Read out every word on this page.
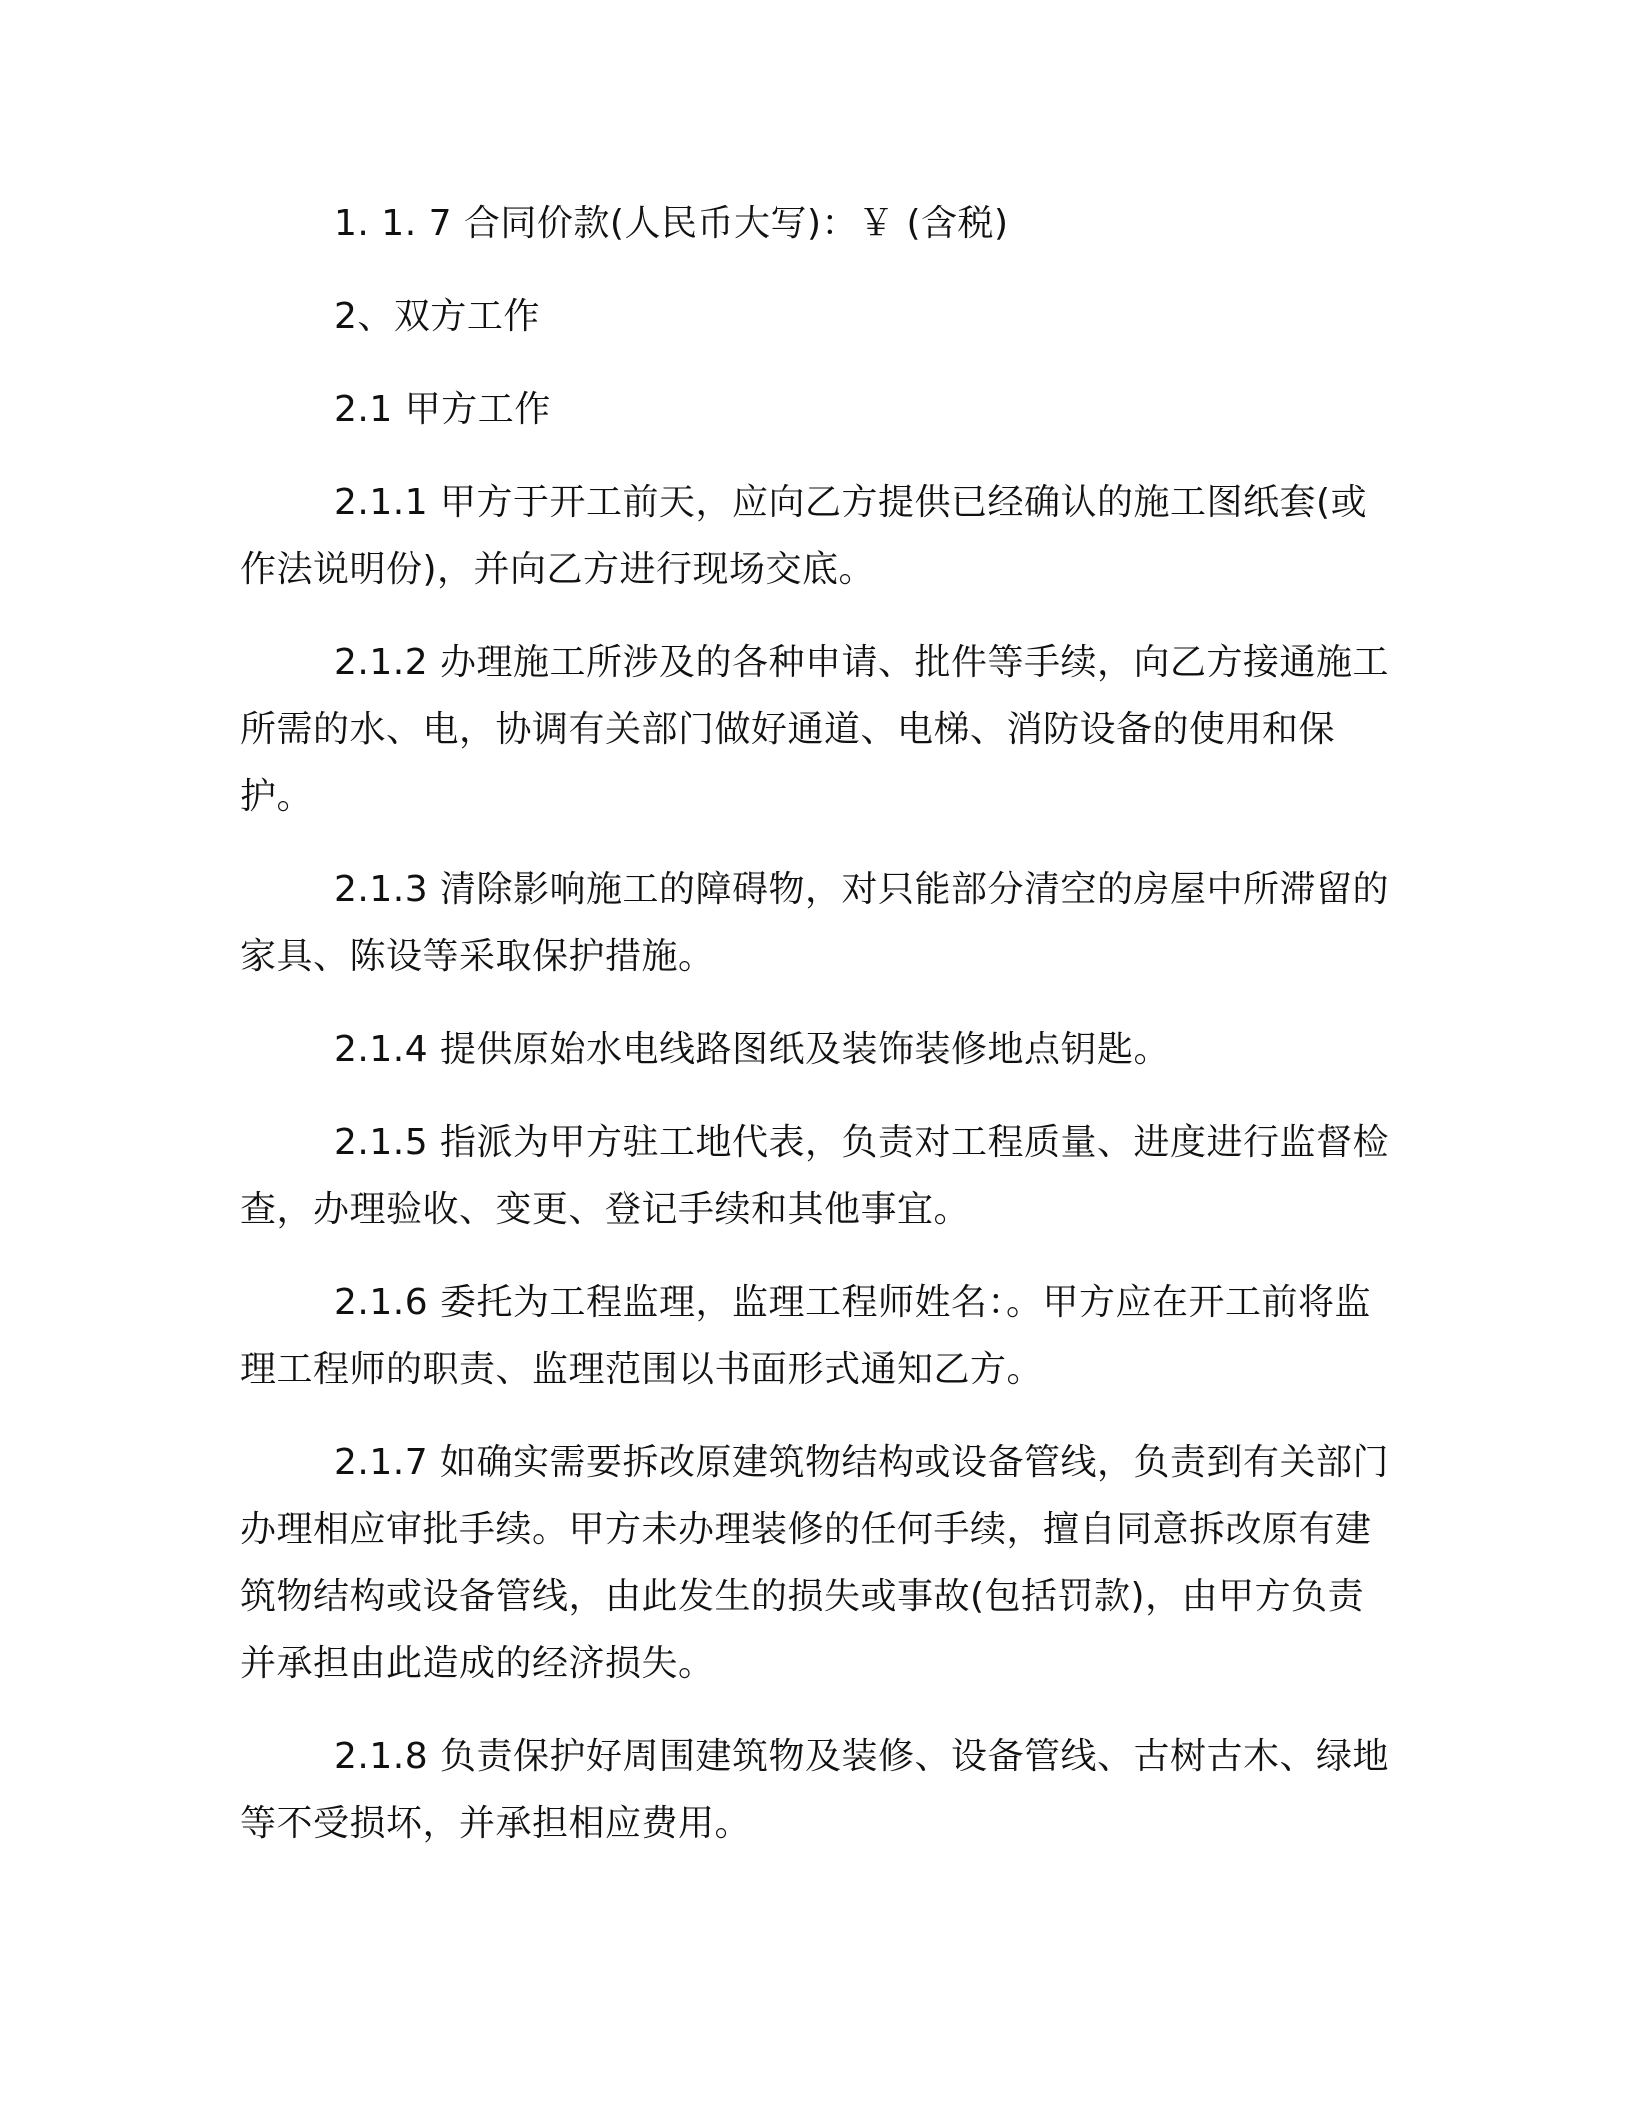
1. 1. 7 合同价款(人民币大写)：￥ (含税)

2、双方工作

2.1 甲方工作

2.1.1 甲方于开工前天，应向乙方提供已经确认的施工图纸套(或作法说明份)，并向乙方进行现场交底。

2.1.2 办理施工所涉及的各种申请、批件等手续，向乙方接通施工所需的水、电，协调有关部门做好通道、电梯、消防设备的使用和保护。

2.1.3 清除影响施工的障碍物，对只能部分清空的房屋中所滞留的家具、陈设等采取保护措施。

2.1.4 提供原始水电线路图纸及装饰装修地点钥匙。

2.1.5 指派为甲方驻工地代表，负责对工程质量、进度进行监督检查，办理验收、变更、登记手续和其他事宜。

2.1.6 委托为工程监理，监理工程师姓名：。甲方应在开工前将监理工程师的职责、监理范围以书面形式通知乙方。

2.1.7 如确实需要拆改原建筑物结构或设备管线，负责到有关部门办理相应审批手续。甲方未办理装修的任何手续，擅自同意拆改原有建筑物结构或设备管线，由此发生的损失或事故(包括罚款)，由甲方负责并承担由此造成的经济损失。

2.1.8 负责保护好周围建筑物及装修、设备管线、古树古木、绿地等不受损坏，并承担相应费用。
